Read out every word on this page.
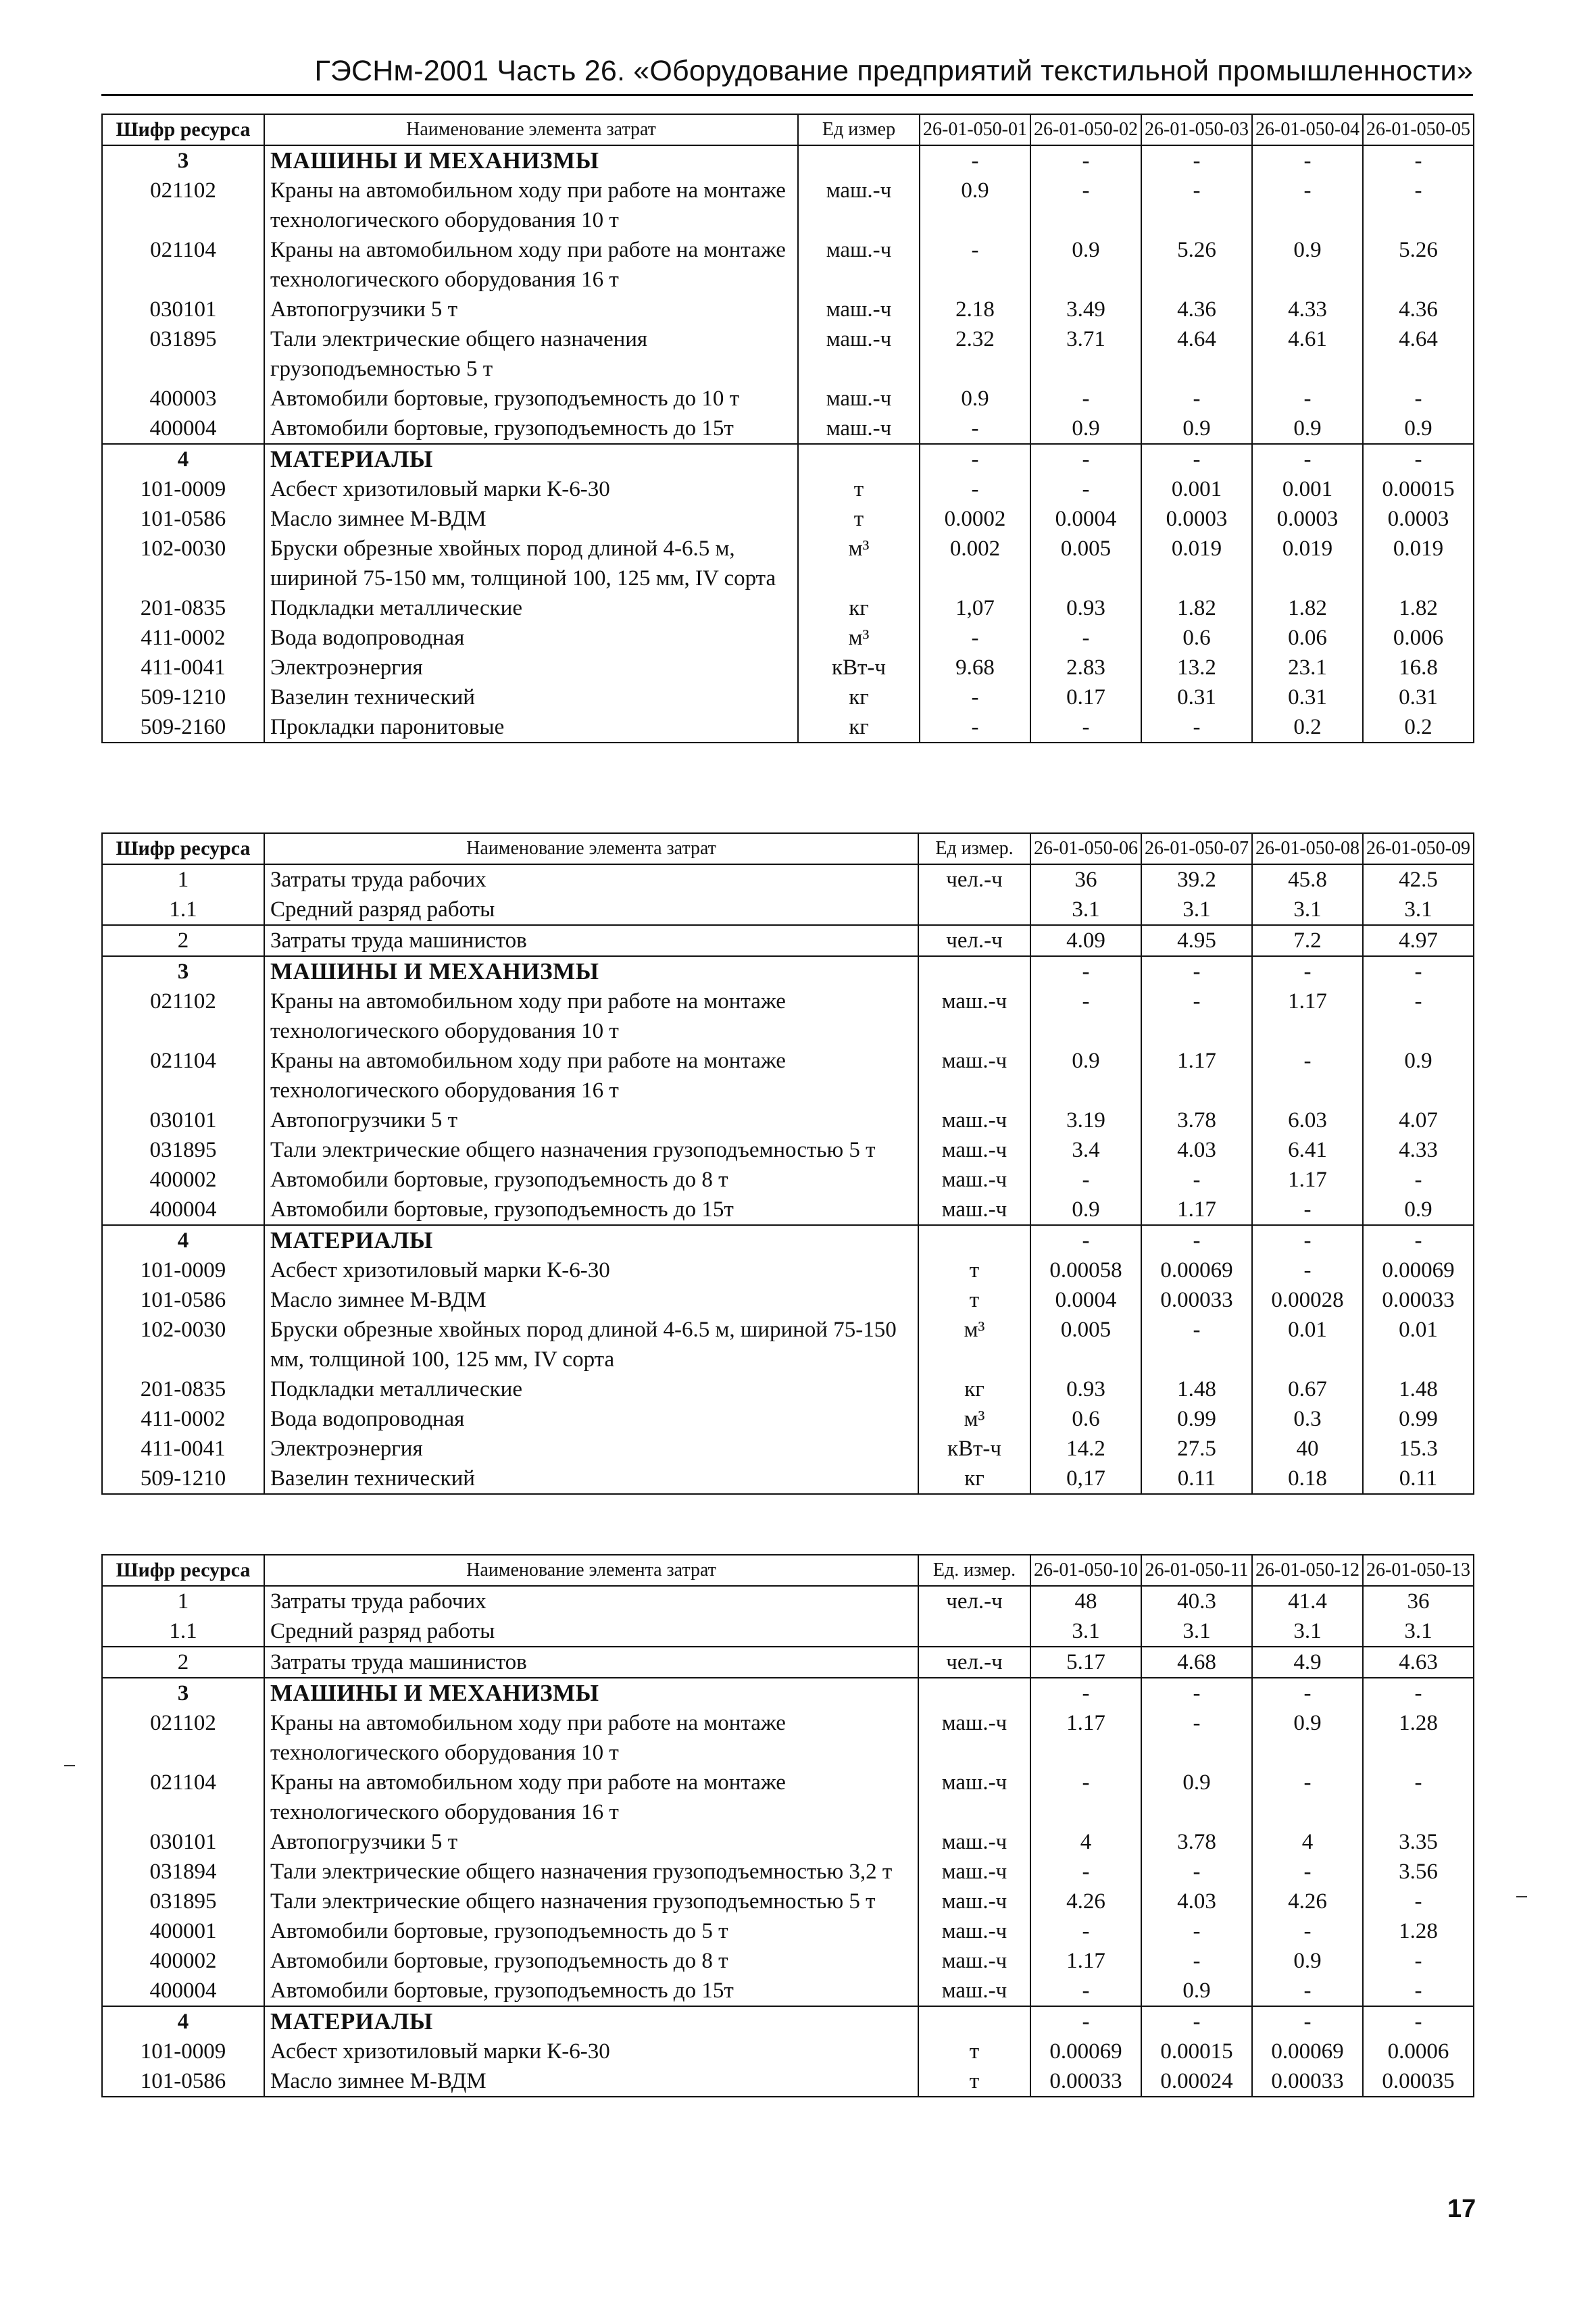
ГЭСНм-2001 Часть 26. «Оборудование предприятий текстильной промышленности»
Шифр ресурса	Наименование элемента затрат	Ед измер	26-01-050-01	26-01-050-02	26-01-050-03	26-01-050-04	26-01-050-05
3	МАШИНЫ И МЕХАНИЗМЫ		-	-	-	-	-
021102	Краны на автомобильном ходу при работе на монтаже технологического оборудования 10 т	маш.-ч	0.9	-	-	-	-
021104	Краны на автомобильном ходу при работе на монтаже технологического оборудования 16 т	маш.-ч	-	0.9	5.26	0.9	5.26
030101	Автопогрузчики 5 т	маш.-ч	2.18	3.49	4.36	4.33	4.36
031895	Тали электрические общего назначения грузоподъемностью 5 т	маш.-ч	2.32	3.71	4.64	4.61	4.64
400003	Автомобили бортовые, грузоподъемность до 10 т	маш.-ч	0.9	-	-	-	-
400004	Автомобили бортовые, грузоподъемность до 15т	маш.-ч	-	0.9	0.9	0.9	0.9
4	МАТЕРИАЛЫ		-	-	-	-	-
101-0009	Асбест хризотиловый марки К-6-30	т	-	-	0.001	0.001	0.00015
101-0586	Масло зимнее М-ВДМ	т	0.0002	0.0004	0.0003	0.0003	0.0003
102-0030	Бруски обрезные хвойных пород длиной 4-6.5 м, шириной 75-150 мм, толщиной 100, 125 мм, IV сорта	м³	0.002	0.005	0.019	0.019	0.019
201-0835	Подкладки металлические	кг	1,07	0.93	1.82	1.82	1.82
411-0002	Вода водопроводная	м³	-	-	0.6	0.06	0.006
411-0041	Электроэнергия	кВт-ч	9.68	2.83	13.2	23.1	16.8
509-1210	Вазелин технический	кг	-	0.17	0.31	0.31	0.31
509-2160	Прокладки паронитовые	кг	-	-	-	0.2	0.2
Шифр ресурса	Наименование элемента затрат	Ед измер.	26-01-050-06	26-01-050-07	26-01-050-08	26-01-050-09
1	Затраты труда рабочих	чел.-ч	36	39.2	45.8	42.5
1.1	Средний разряд работы		3.1	3.1	3.1	3.1
2	Затраты труда машинистов	чел.-ч	4.09	4.95	7.2	4.97
3	МАШИНЫ И МЕХАНИЗМЫ		-	-	-	-
021102	Краны на автомобильном ходу при работе на монтаже технологического оборудования 10 т	маш.-ч	-	-	1.17	-
021104	Краны на автомобильном ходу при работе на монтаже технологического оборудования 16 т	маш.-ч	0.9	1.17	-	0.9
030101	Автопогрузчики 5 т	маш.-ч	3.19	3.78	6.03	4.07
031895	Тали электрические общего назначения грузоподъемностью 5 т	маш.-ч	3.4	4.03	6.41	4.33
400002	Автомобили бортовые, грузоподъемность до 8 т	маш.-ч	-	-	1.17	-
400004	Автомобили бортовые, грузоподъемность до 15т	маш.-ч	0.9	1.17	-	0.9
4	МАТЕРИАЛЫ		-	-	-	-
101-0009	Асбест хризотиловый марки К-6-30	т	0.00058	0.00069	-	0.00069
101-0586	Масло зимнее М-ВДМ	т	0.0004	0.00033	0.00028	0.00033
102-0030	Бруски обрезные хвойных пород длиной 4-6.5 м, шириной 75-150 мм, толщиной 100, 125 мм, IV сорта	м³	0.005	-	0.01	0.01
201-0835	Подкладки металлические	кг	0.93	1.48	0.67	1.48
411-0002	Вода водопроводная	м³	0.6	0.99	0.3	0.99
411-0041	Электроэнергия	кВт-ч	14.2	27.5	40	15.3
509-1210	Вазелин технический	кг	0,17	0.11	0.18	0.11
Шифр ресурса	Наименование элемента затрат	Ед. измер.	26-01-050-10	26-01-050-11	26-01-050-12	26-01-050-13
1	Затраты труда рабочих	чел.-ч	48	40.3	41.4	36
1.1	Средний разряд работы		3.1	3.1	3.1	3.1
2	Затраты труда машинистов	чел.-ч	5.17	4.68	4.9	4.63
3	МАШИНЫ И МЕХАНИЗМЫ		-	-	-	-
021102	Краны на автомобильном ходу при работе на монтаже технологического оборудования 10 т	маш.-ч	1.17	-	0.9	1.28
021104	Краны на автомобильном ходу при работе на монтаже технологического оборудования 16 т	маш.-ч	-	0.9	-	-
030101	Автопогрузчики 5 т	маш.-ч	4	3.78	4	3.35
031894	Тали электрические общего назначения грузоподъемностью 3,2 т	маш.-ч	-	-	-	3.56
031895	Тали электрические общего назначения грузоподъемностью 5 т	маш.-ч	4.26	4.03	4.26	-
400001	Автомобили бортовые, грузоподъемность до 5 т	маш.-ч	-	-	-	1.28
400002	Автомобили бортовые, грузоподъемность до 8 т	маш.-ч	1.17	-	0.9	-
400004	Автомобили бортовые, грузоподъемность до 15т	маш.-ч	-	0.9	-	-
4	МАТЕРИАЛЫ		-	-	-	-
101-0009	Асбест хризотиловый марки К-6-30	т	0.00069	0.00015	0.00069	0.0006
101-0586	Масло зимнее М-ВДМ	т	0.00033	0.00024	0.00033	0.00035
17
